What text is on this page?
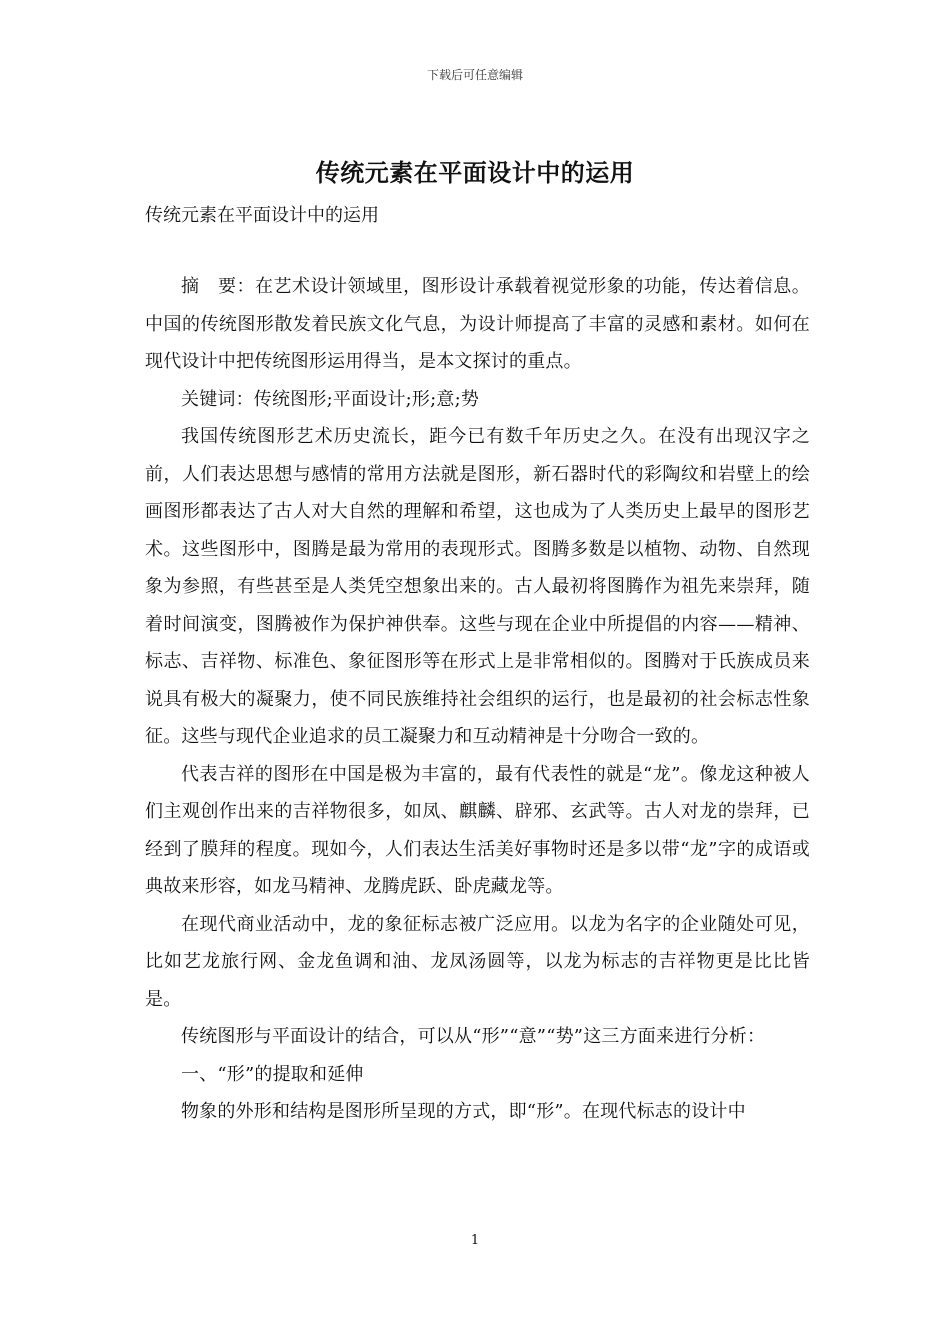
下载后可任意编辑
传统元素在平面设计中的运用
传统元素在平面设计中的运用

摘　要：在艺术设计领域里，图形设计承载着视觉形象的功能，传达着信息。中国的传统图形散发着民族文化气息，为设计师提高了丰富的灵感和素材。如何在现代设计中把传统图形运用得当，是本文探讨的重点。

关键词：传统图形;平面设计;形;意;势

我国传统图形艺术历史流长，距今已有数千年历史之久。在没有出现汉字之前，人们表达思想与感情的常用方法就是图形，新石器时代的彩陶纹和岩壁上的绘画图形都表达了古人对大自然的理解和希望，这也成为了人类历史上最早的图形艺术。这些图形中，图腾是最为常用的表现形式。图腾多数是以植物、动物、自然现象为参照，有些甚至是人类凭空想象出来的。古人最初将图腾作为祖先来崇拜，随着时间演变，图腾被作为保护神供奉。这些与现在企业中所提倡的内容——精神、标志、吉祥物、标准色、象征图形等在形式上是非常相似的。图腾对于氏族成员来说具有极大的凝聚力，使不同民族维持社会组织的运行，也是最初的社会标志性象征。这些与现代企业追求的员工凝聚力和互动精神是十分吻合一致的。

代表吉祥的图形在中国是极为丰富的，最有代表性的就是“龙”。像龙这种被人们主观创作出来的吉祥物很多，如凤、麒麟、辟邪、玄武等。古人对龙的崇拜，已经到了膜拜的程度。现如今，人们表达生活美好事物时还是多以带“龙”字的成语或典故来形容，如龙马精神、龙腾虎跃、卧虎藏龙等。

在现代商业活动中，龙的象征标志被广泛应用。以龙为名字的企业随处可见，比如艺龙旅行网、金龙鱼调和油、龙凤汤圆等，以龙为标志的吉祥物更是比比皆是。

传统图形与平面设计的结合，可以从“形”“意”“势”这三方面来进行分析：

一、“形”的提取和延伸

物象的外形和结构是图形所呈现的方式，即“形”。在现代标志的设计中

1
